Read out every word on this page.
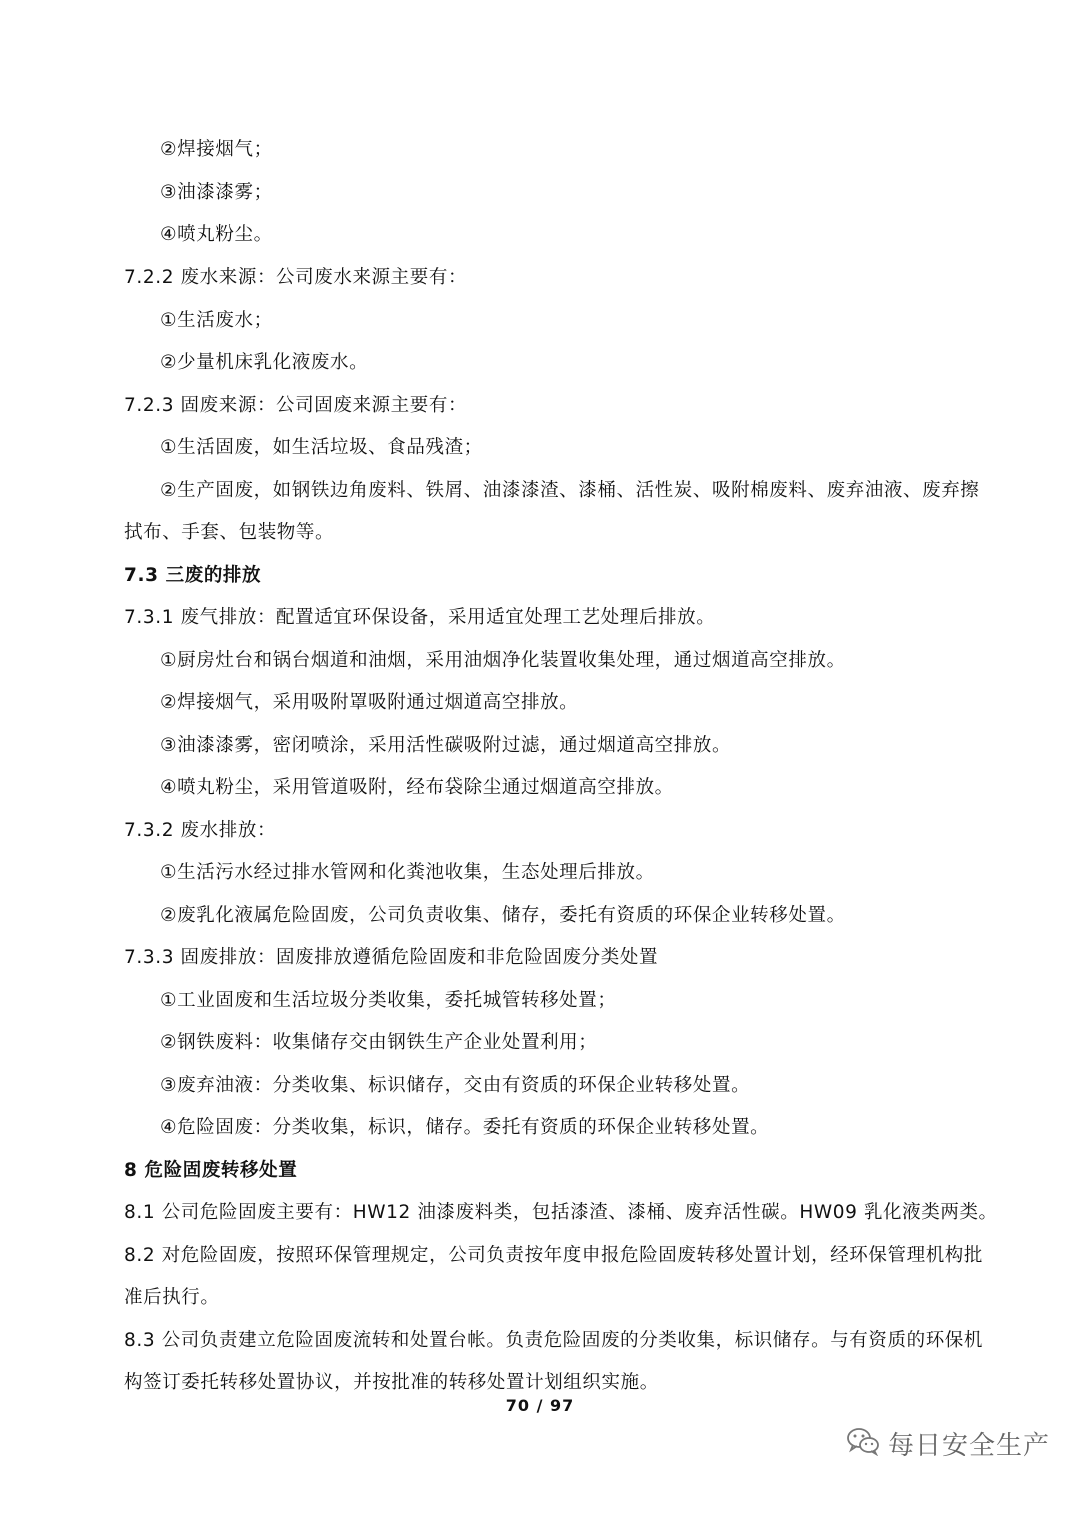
②焊接烟气；
③油漆漆雾；
④喷丸粉尘。
7.2.2 废水来源：公司废水来源主要有：
①生活废水；
②少量机床乳化液废水。
7.2.3 固废来源：公司固废来源主要有：
①生活固废，如生活垃圾、食品残渣；
②生产固废，如钢铁边角废料、铁屑、油漆漆渣、漆桶、活性炭、吸附棉废料、废弃油液、废弃擦
拭布、手套、包装物等。
7.3 三废的排放
7.3.1 废气排放：配置适宜环保设备，采用适宜处理工艺处理后排放。
①厨房灶台和锅台烟道和油烟，采用油烟净化装置收集处理，通过烟道高空排放。
②焊接烟气，采用吸附罩吸附通过烟道高空排放。
③油漆漆雾，密闭喷涂，采用活性碳吸附过滤，通过烟道高空排放。
④喷丸粉尘，采用管道吸附，经布袋除尘通过烟道高空排放。
7.3.2 废水排放：
①生活污水经过排水管网和化粪池收集，生态处理后排放。
②废乳化液属危险固废，公司负责收集、储存，委托有资质的环保企业转移处置。
7.3.3 固废排放：固废排放遵循危险固废和非危险固废分类处置
①工业固废和生活垃圾分类收集，委托城管转移处置；
②钢铁废料：收集储存交由钢铁生产企业处置利用；
③废弃油液：分类收集、标识储存，交由有资质的环保企业转移处置。
④危险固废：分类收集，标识，储存。委托有资质的环保企业转移处置。
8 危险固废转移处置
8.1 公司危险固废主要有：HW12 油漆废料类，包括漆渣、漆桶、废弃活性碳。HW09 乳化液类两类。
8.2 对危险固废，按照环保管理规定，公司负责按年度申报危险固废转移处置计划，经环保管理机构批
准后执行。
8.3 公司负责建立危险固废流转和处置台帐。负责危险固废的分类收集，标识储存。与有资质的环保机
构签订委托转移处置协议，并按批准的转移处置计划组织实施。
70 / 97
每日安全生产
